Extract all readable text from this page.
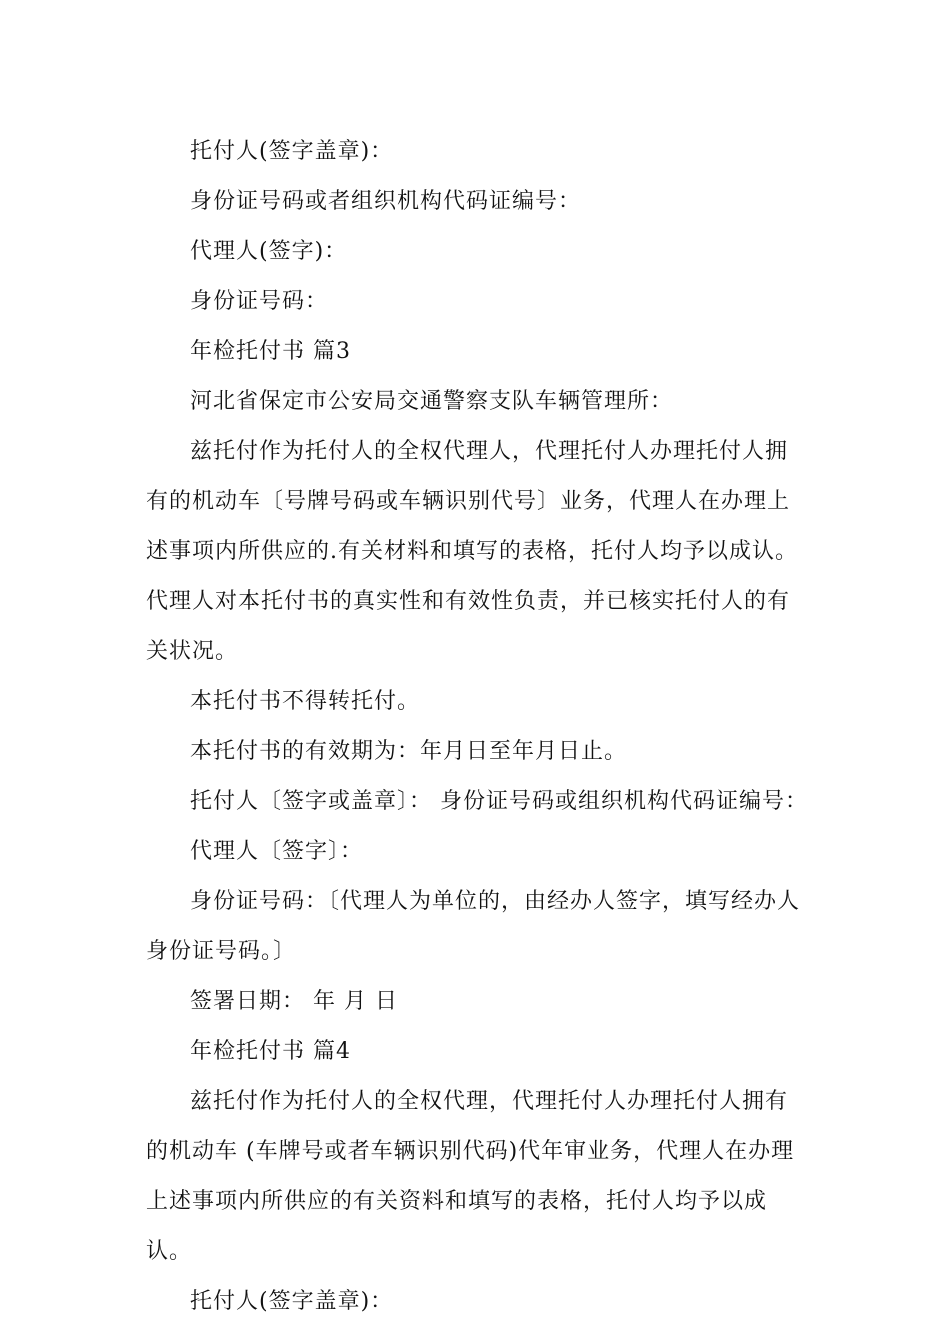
托付人(签字盖章)：

身份证号码或者组织机构代码证编号：

代理人(签字)：

身份证号码：

年检托付书 篇3

河北省保定市公安局交通警察支队车辆管理所：

兹托付作为托付人的全权代理人，代理托付人办理托付人拥有的机动车〔号牌号码或车辆识别代号〕业务，代理人在办理上述事项内所供应的.有关材料和填写的表格，托付人均予以成认。代理人对本托付书的真实性和有效性负责，并已核实托付人的有关状况。

本托付书不得转托付。

本托付书的有效期为：年月日至年月日止。

托付人〔签字或盖章〕： 身份证号码或组织机构代码证编号：

代理人〔签字〕：

身份证号码：〔代理人为单位的，由经办人签字，填写经办人身份证号码。〕

签署日期： 年 月 日

年检托付书 篇4

兹托付作为托付人的全权代理，代理托付人办理托付人拥有的机动车 (车牌号或者车辆识别代码)代年审业务，代理人在办理上述事项内所供应的有关资料和填写的表格，托付人均予以成认。

托付人(签字盖章)：
